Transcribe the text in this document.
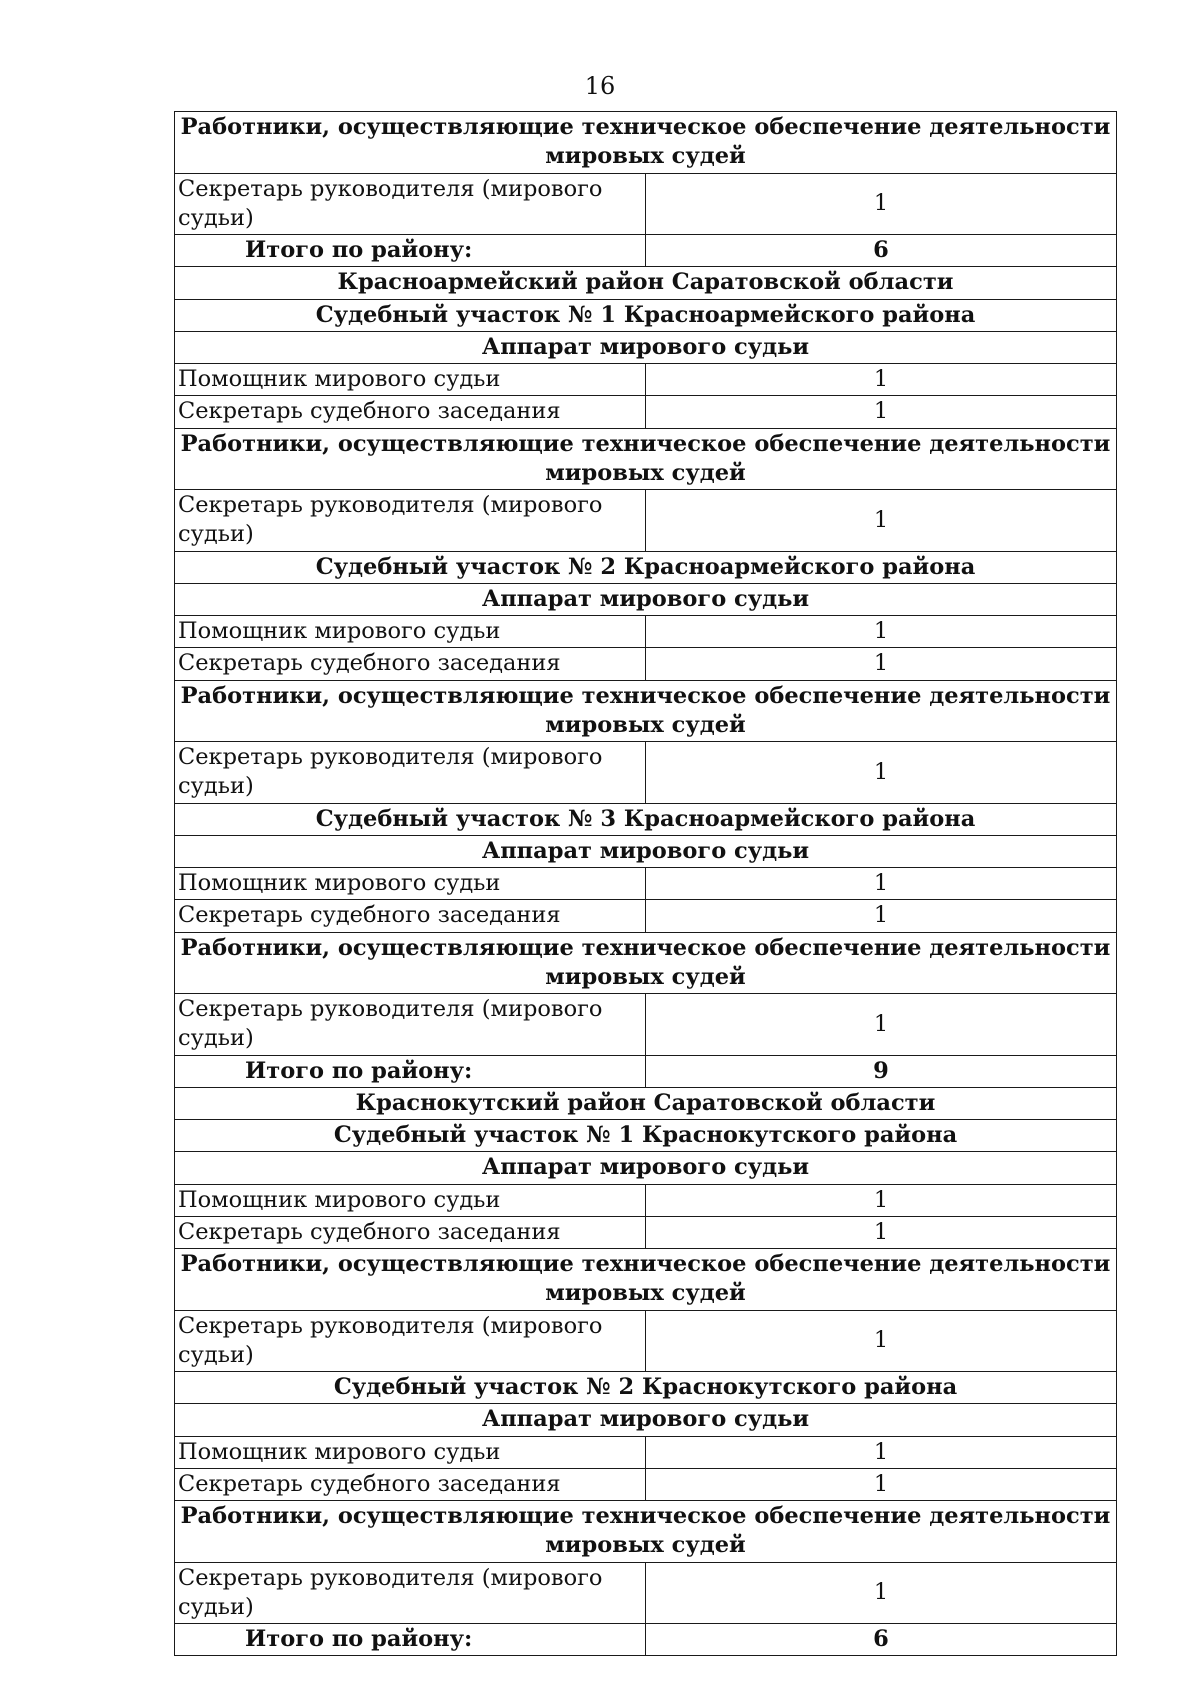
16
Работники, осуществляющие техническое обеспечение деятельности мировых судей	
Секретарь руководителя (мирового судьи)	1
Итого по району:	6
Красноармейский район Саратовской области	
Судебный участок № 1 Красноармейского района	
Аппарат мирового судьи	
Помощник мирового судьи	1
Секретарь судебного заседания	1
Работники, осуществляющие техническое обеспечение деятельности мировых судей	
Секретарь руководителя (мирового судьи)	1
Судебный участок № 2 Красноармейского района	
Аппарат мирового судьи	
Помощник мирового судьи	1
Секретарь судебного заседания	1
Работники, осуществляющие техническое обеспечение деятельности мировых судей	
Секретарь руководителя (мирового судьи)	1
Судебный участок № 3 Красноармейского района	
Аппарат мирового судьи	
Помощник мирового судьи	1
Секретарь судебного заседания	1
Работники, осуществляющие техническое обеспечение деятельности мировых судей	
Секретарь руководителя (мирового судьи)	1
Итого по району:	9
Краснокутский район Саратовской области	
Судебный участок № 1 Краснокутского района	
Аппарат мирового судьи	
Помощник мирового судьи	1
Секретарь судебного заседания	1
Работники, осуществляющие техническое обеспечение деятельности мировых судей	
Секретарь руководителя (мирового судьи)	1
Судебный участок № 2 Краснокутского района	
Аппарат мирового судьи	
Помощник мирового судьи	1
Секретарь судебного заседания	1
Работники, осуществляющие техническое обеспечение деятельности мировых судей	
Секретарь руководителя (мирового судьи)	1
Итого по району:	6
